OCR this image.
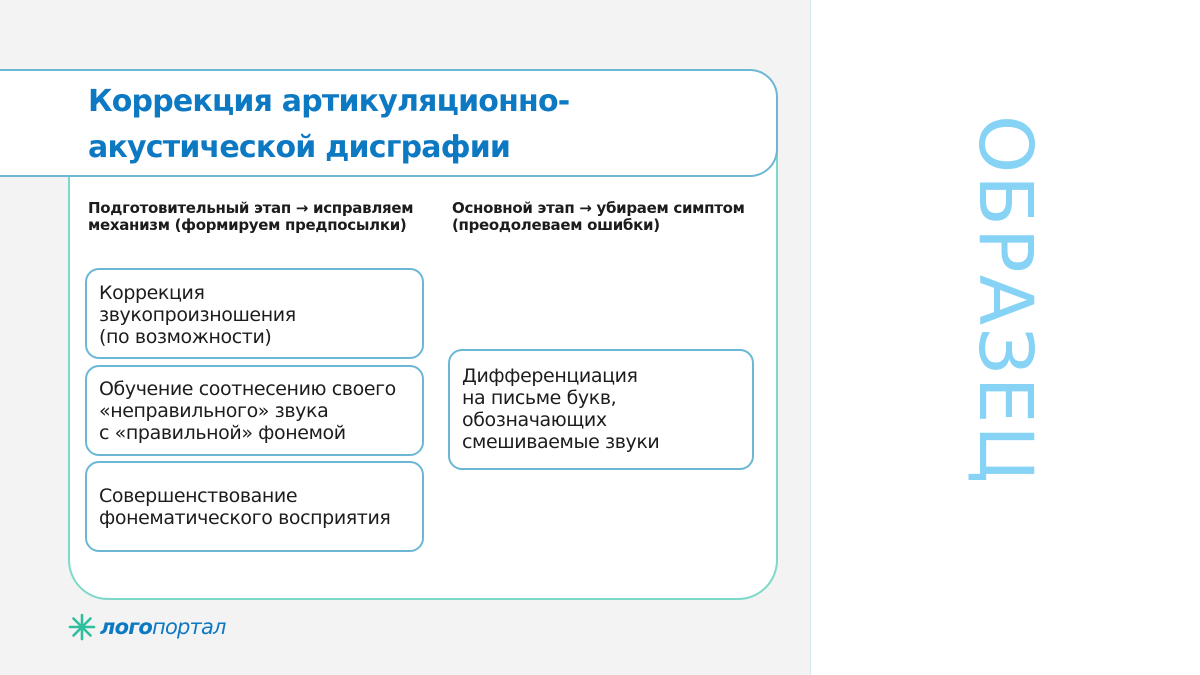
Коррекция артикуляционно-акустической дисграфии

Подготовительный этап → исправляем механизм (формируем предпосылки)

Основной этап → убираем симптом (преодолеваем ошибки)

Коррекция
звукопроизношения
(по возможности)
Обучение соотнесению своего
«неправильного» звука
с «правильной» фонемой
Совершенствование
фонематического восприятия
Дифференциация
на письме букв,
обозначающих
смешиваемые звуки
логoпортал
ОБРАЗЕЦ
